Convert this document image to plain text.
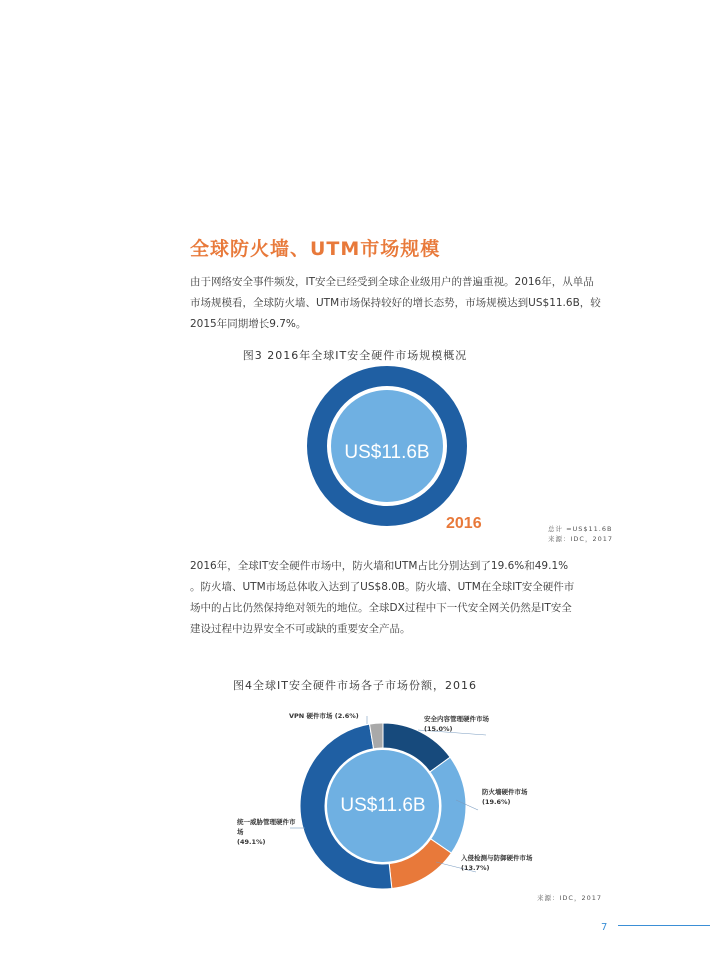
全球防火墙、UTM市场规模
由于网络安全事件频发，IT安全已经受到全球企业级用户的普遍重视。2016年，从单品
市场规模看，全球防火墙、UTM市场保持较好的增长态势，市场规模达到US$11.6B，较
2015年同期增长9.7%。
图3 2016年全球IT安全硬件市场规模概况
US$11.6B
2016	总计 =US$11.6B
来源：IDC，2017
2016年，全球IT安全硬件市场中，防火墙和UTM占比分别达到了19.6%和49.1%
。防火墙、UTM市场总体收入达到了US$8.0B。防火墙、UTM在全球IT安全硬件市
场中的占比仍然保持绝对领先的地位。全球DX过程中下一代安全网关仍然是IT安全
建设过程中边界安全不可或缺的重要安全产品。
图4全球IT安全硬件市场各子市场份额，2016
US$11.6B
VPN 硬件市场 (2.6%)	安全内容管理硬件市场
(15.0%)
防火墙硬件市场
(19.6%)
入侵检测与防御硬件市场
(13.7%)
统一威胁管理硬件市场
(49.1%)
来源：IDC，2017
7
